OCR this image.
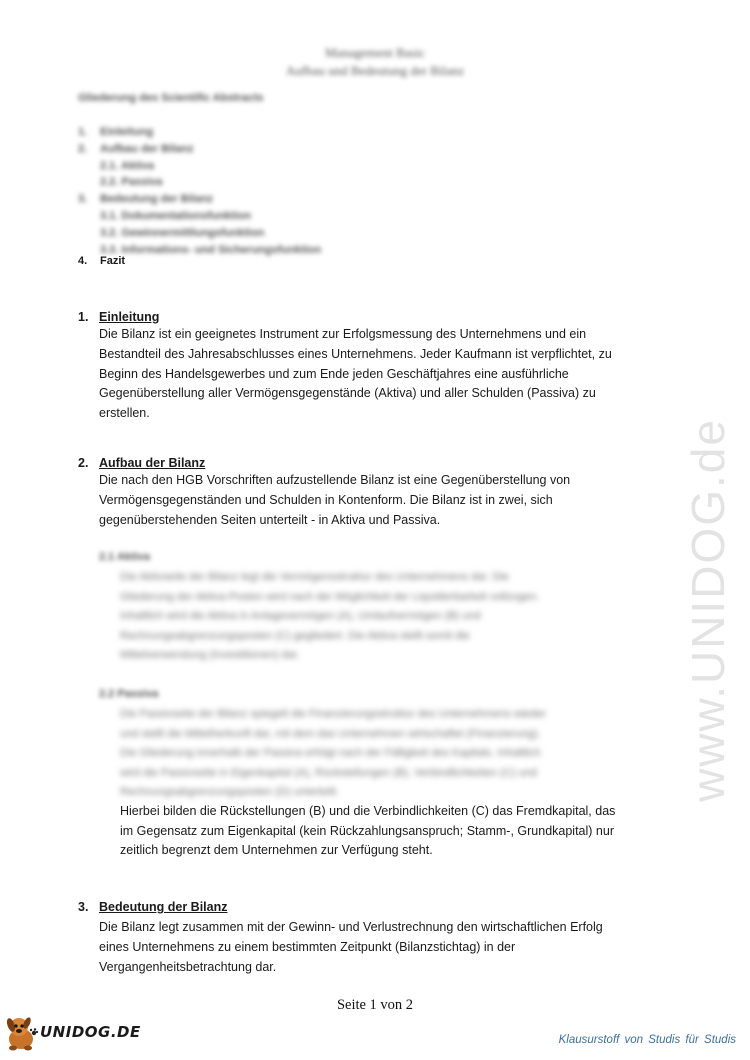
www.UNIDOG.de
Management Basic
Aufbau und Bedeutung der Bilanz
Gliederung des Scientific Abstracts
1. Einleitung
2. Aufbau der Bilanz
2.1. Aktiva
2.2. Passiva
3. Bedeutung der Bilanz
3.1. Dokumentationsfunktion
3.2. Gewinnermittlungsfunktion
3.3. Informations- und Sicherungsfunktion
4. Fazit
1. Einleitung
Die Bilanz ist ein geeignetes Instrument zur Erfolgsmessung des Unternehmens und ein
Bestandteil des Jahresabschlusses eines Unternehmens. Jeder Kaufmann ist verpflichtet, zu
Beginn des Handelsgewerbes und zum Ende jeden Geschäftjahres eine ausführliche
Gegenüberstellung aller Vermögensgegenstände (Aktiva) und aller Schulden (Passiva) zu
erstellen.
2. Aufbau der Bilanz
Die nach den HGB Vorschriften aufzustellende Bilanz ist eine Gegenüberstellung von
Vermögensgegenständen und Schulden in Kontenform. Die Bilanz ist in zwei, sich
gegenüberstehenden Seiten unterteilt - in Aktiva und Passiva.
2.1 Aktiva
Die Aktivseite der Bilanz legt die Vermögensstruktur des Unternehmens dar. Die
Gliederung der Aktiva-Posten wird nach der Möglichkeit der Liquidierbarkeit vollzogen.
Inhaltlich wird die Aktiva in Anlagevermögen (A), Umlaufvermögen (B) und
Rechnungsabgrenzungsposten (C) gegliedert. Die Aktiva stellt somit die
Mittelverwendung (Investitionen) dar.
2.2 Passiva
Die Passivseite der Bilanz spiegelt die Finanzierungsstruktur des Unternehmens wieder
und stellt die Mittelherkunft dar, mit dem das Unternehmen wirtschaftet (Finanzierung).
Die Gliederung innerhalb der Passiva erfolgt nach der Fälligkeit des Kapitals. Inhaltlich
wird die Passivseite in Eigenkapital (A), Rückstellungen (B), Verbindlichkeiten (C) und
Rechnungsabgrenzungsposten (D) unterteilt.
Hierbei bilden die Rückstellungen (B) und die Verbindlichkeiten (C) das Fremdkapital, das
im Gegensatz zum Eigenkapital (kein Rückzahlungsanspruch; Stamm-, Grundkapital) nur
zeitlich begrenzt dem Unternehmen zur Verfügung steht.
3. Bedeutung der Bilanz
Die Bilanz legt zusammen mit der Gewinn- und Verlustrechnung den wirtschaftlichen Erfolg
eines Unternehmens zu einem bestimmten Zeitpunkt (Bilanzstichtag) in der
Vergangenheitsbetrachtung dar.
Seite 1 von 2
UNIDOG.DE	Klausurstoff von Studis für Studis
